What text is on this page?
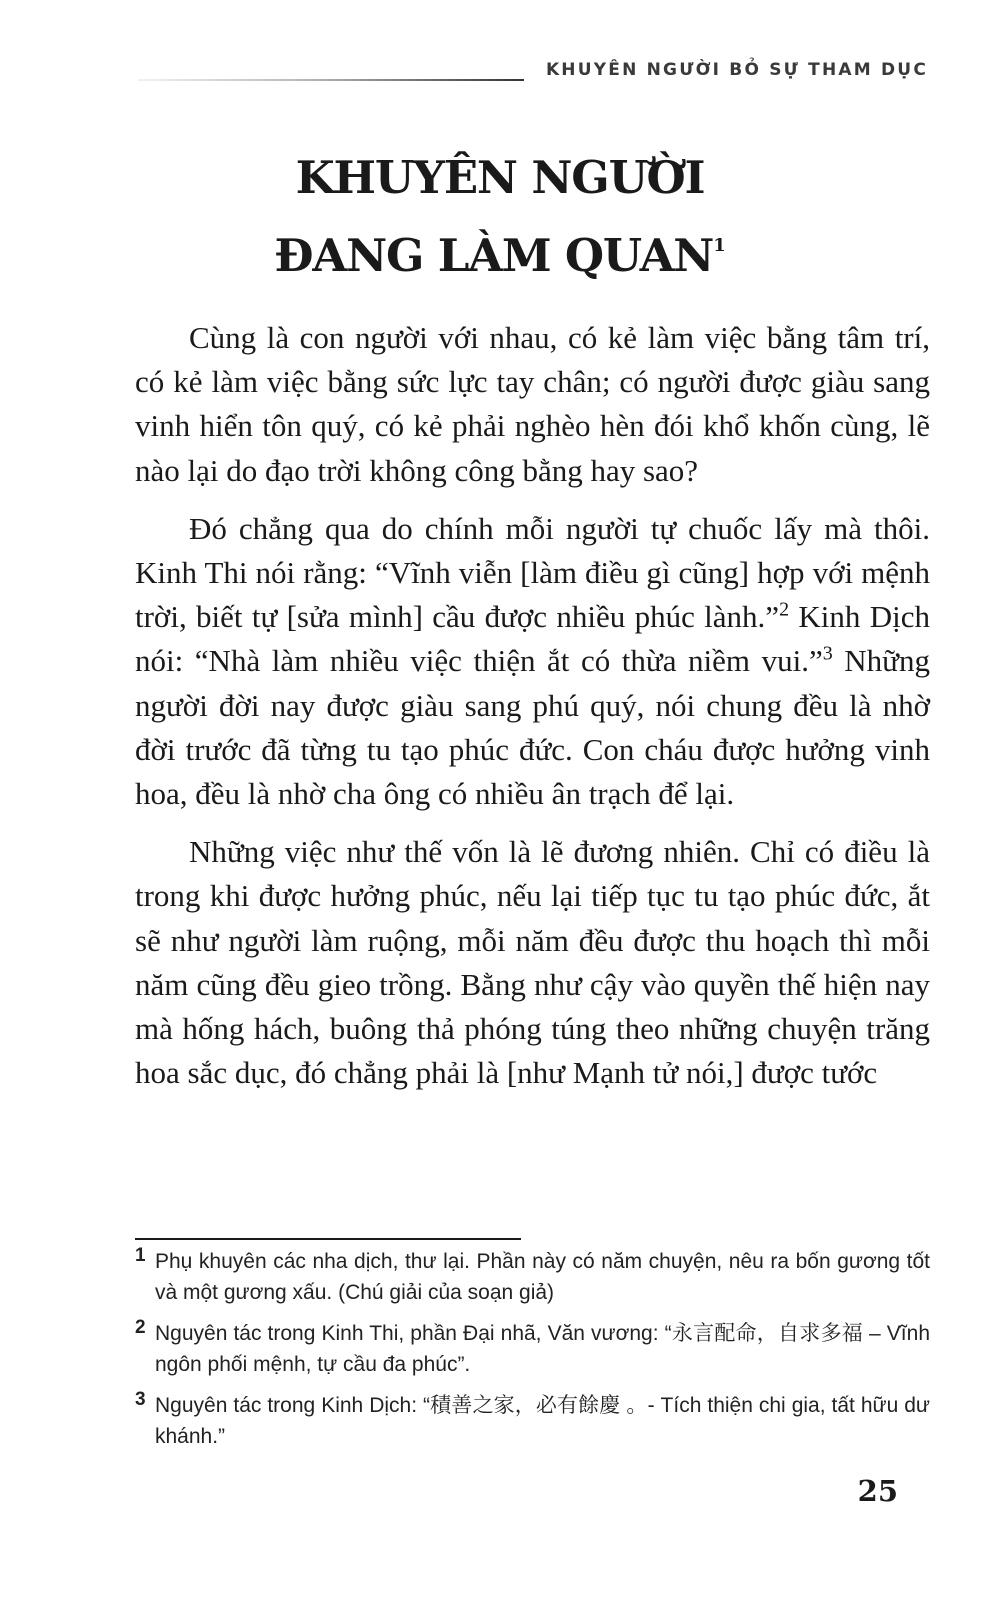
KHUYÊN NGƯỜI BỎ SỰ THAM DỤC
KHUYÊN NGƯỜI
ĐANG LÀM QUAN$^1$

Cùng là con người với nhau, có kẻ làm việc bằng tâm trí, có kẻ làm việc bằng sức lực tay chân; có người được giàu sang vinh hiển tôn quý, có kẻ phải nghèo hèn đói khổ khốn cùng, lẽ nào lại do đạo trời không công bằng hay sao?

Đó chẳng qua do chính mỗi người tự chuốc lấy mà thôi. Kinh Thi nói rằng: “Vĩnh viễn [làm điều gì cũng] hợp với mệnh trời, biết tự [sửa mình] cầu được nhiều phúc lành.”$^2$ Kinh Dịch nói: “Nhà làm nhiều việc thiện ắt có thừa niềm vui.”$^3$ Những người đời nay được giàu sang phú quý, nói chung đều là nhờ đời trước đã từng tu tạo phúc đức. Con cháu được hưởng vinh hoa, đều là nhờ cha ông có nhiều ân trạch để lại.

Những việc như thế vốn là lẽ đương nhiên. Chỉ có điều là trong khi được hưởng phúc, nếu lại tiếp tục tu tạo phúc đức, ắt sẽ như người làm ruộng, mỗi năm đều được thu hoạch thì mỗi năm cũng đều gieo trồng. Bằng như cậy vào quyền thế hiện nay mà hống hách, buông thả phóng túng theo những chuyện trăng hoa sắc dục, đó chẳng phải là [như Mạnh tử nói,] được tước

1 Phụ khuyên các nha dịch, thư lại. Phần này có năm chuyện, nêu ra bốn gương tốt và một gương xấu. (Chú giải của soạn giả)
2 Nguyên tác trong Kinh Thi, phần Đại nhã, Văn vương: “永言配命，自求多福 – Vĩnh ngôn phối mệnh, tự cầu đa phúc”.
3 Nguyên tác trong Kinh Dịch: “積善之家，必有餘慶 。- Tích thiện chi gia, tất hữu dư khánh.”
25
